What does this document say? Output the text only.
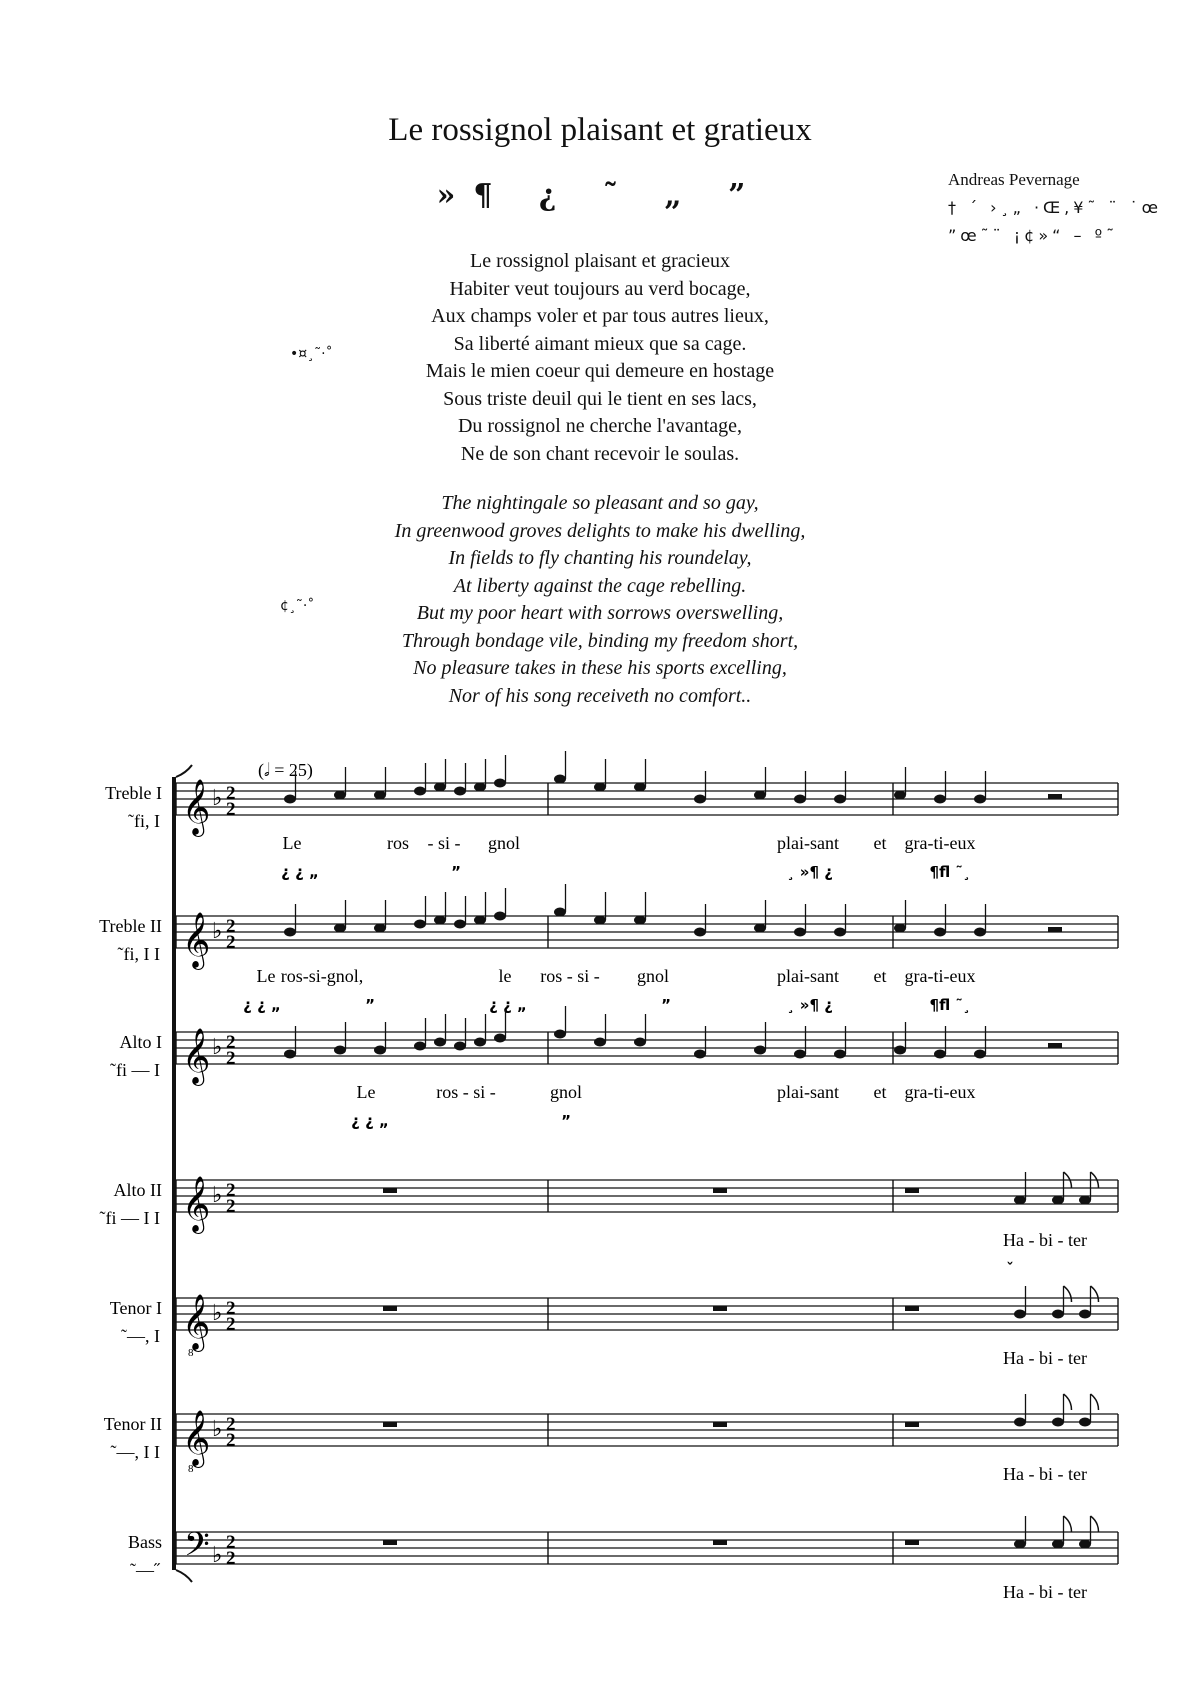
Le rossignol plaisant et gratieux
»¶ ¿ ˜ „ ”	Andreas Pevernage
† ´ ›¸„ ·Œ,¥˜ ¨ ˙œ
”œ˜¨ ¡¢»“ – º˜
•¤¸˜·˚
¢¸˜·˚
Le rossignol plaisant et gracieux
Habiter veut toujours au verd bocage,
Aux champs voler et par tous autres lieux,
Sa liberté aimant mieux que sa cage.
Mais le mien coeur qui demeure en hostage
Sous triste deuil qui le tient en ses lacs,
Du rossignol ne cherche l'avantage,
Ne de son chant recevoir le soulas.
The nightingale so pleasant and so gay,
In greenwood groves delights to make his dwelling,
In fields to fly chanting his roundelay,
At liberty against the cage rebelling.
But my poor heart with sorrows overswelling,
Through bondage vile, binding my freedom short,
No pleasure takes in these his sports excelling,
Nor of his song receiveth no comfort..
(𝅗𝅥 = 25)
Treble I
˜fi, I 𝄞 ♭ 2
2
Le	ros - si - gnol	plai-sant et gra-ti-eux
¿ ¿ „	”	¸ »¶ ¿	¶fl ˜¸
Treble II
˜fi, I I 𝄞 ♭ 2
2
Le ros-si-gnol,	le ros - si - gnol	plai-sant et gra-ti-eux
¿ ¿ „	”	¿ ¿ „	”	¸ »¶ ¿	¶fl ˜¸
Alto I
˜fi — I 𝄞 ♭ 2
2
Le	ros - si -	gnol	plai-sant et gra-ti-eux
¿ ¿ „	”
Alto II
˜fi — I I 𝄞 ♭ 2
2
Ha - bi - ter
ˇ
Tenor I
˜—, I 𝄞
8
♭ 2
2
Ha - bi - ter
Tenor II
˜—, I I 𝄞
8
♭ 2
2
Ha - bi - ter
Bass
˜—˝ 𝄢 ♭
2
2
Ha - bi - ter
